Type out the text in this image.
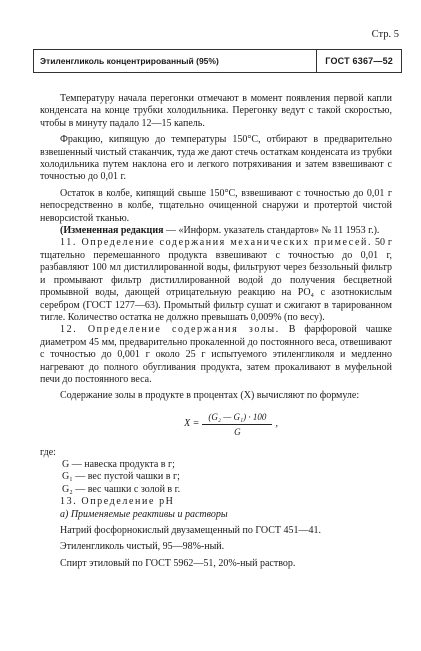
Стр. 5
Этиленгликоль концентрированный (95%)	ГОСТ 6367—52

Температуру начала перегонки отмечают в момент появления первой капли конденсата на конце трубки холодильника. Перегонку ведут с такой скоростью, чтобы в минуту падало 12—15 капель.

Фракцию, кипящую до температуры 150°С, отбирают в предварительно взвешенный чистый стаканчик, туда же дают стечь остаткам конденсата из трубки холодильника путем наклона его и легкого потряхивания и затем взвешивают с точностью до 0,01 г.

Остаток в колбе, кипящий свыше 150°С, взвешивают с точностью до 0,01 г непосредственно в колбе, тщательно очищенной снаружи и протертой чистой неворсистой тканью.

(Измененная редакция — «Информ. указатель стандартов» № 11 1953 г.).

11. Определение содержания механических примесей. 50 г тщательно перемешанного продукта взвешивают с точностью до 0,01 г, разбавляют 100 мл дистиллированной воды, фильтруют через беззольный фильтр и промывают фильтр дистиллированной водой до получения бесцветной промывной воды, дающей отрицательную реакцию на PO₄ с азотнокислым серебром (ГОСТ 1277—63). Промытый фильтр сушат и сжигают в тарированном тигле. Количество остатка не должно превышать 0,009% (по весу).

12. Определение содержания золы. В фарфоровой чашке диаметром 45 мм, предварительно прокаленной до постоянного веса, отвешивают с точностью до 0,001 г около 25 г испытуемого этиленгликоля и медленно нагревают до полного обугливания продукта, затем прокаливают в муфельной печи до постоянного веса.

Содержание золы в продукте в процентах (X) вычисляют по формуле:

$X = \frac{\text{(G₂ — G₁) · 100}}{G}$ ,

где:

G — навеска продукта в г;

G₁ — вес пустой чашки в г;

G₂ — вес чашки с золой в г.

13. Определение pH

а) Применяемые реактивы и растворы

Натрий фосфорнокислый двузамещенный по ГОСТ 451—41.

Этиленгликоль чистый, 95—98%-ный.

Спирт этиловый по ГОСТ 5962—51, 20%-ный раствор.
